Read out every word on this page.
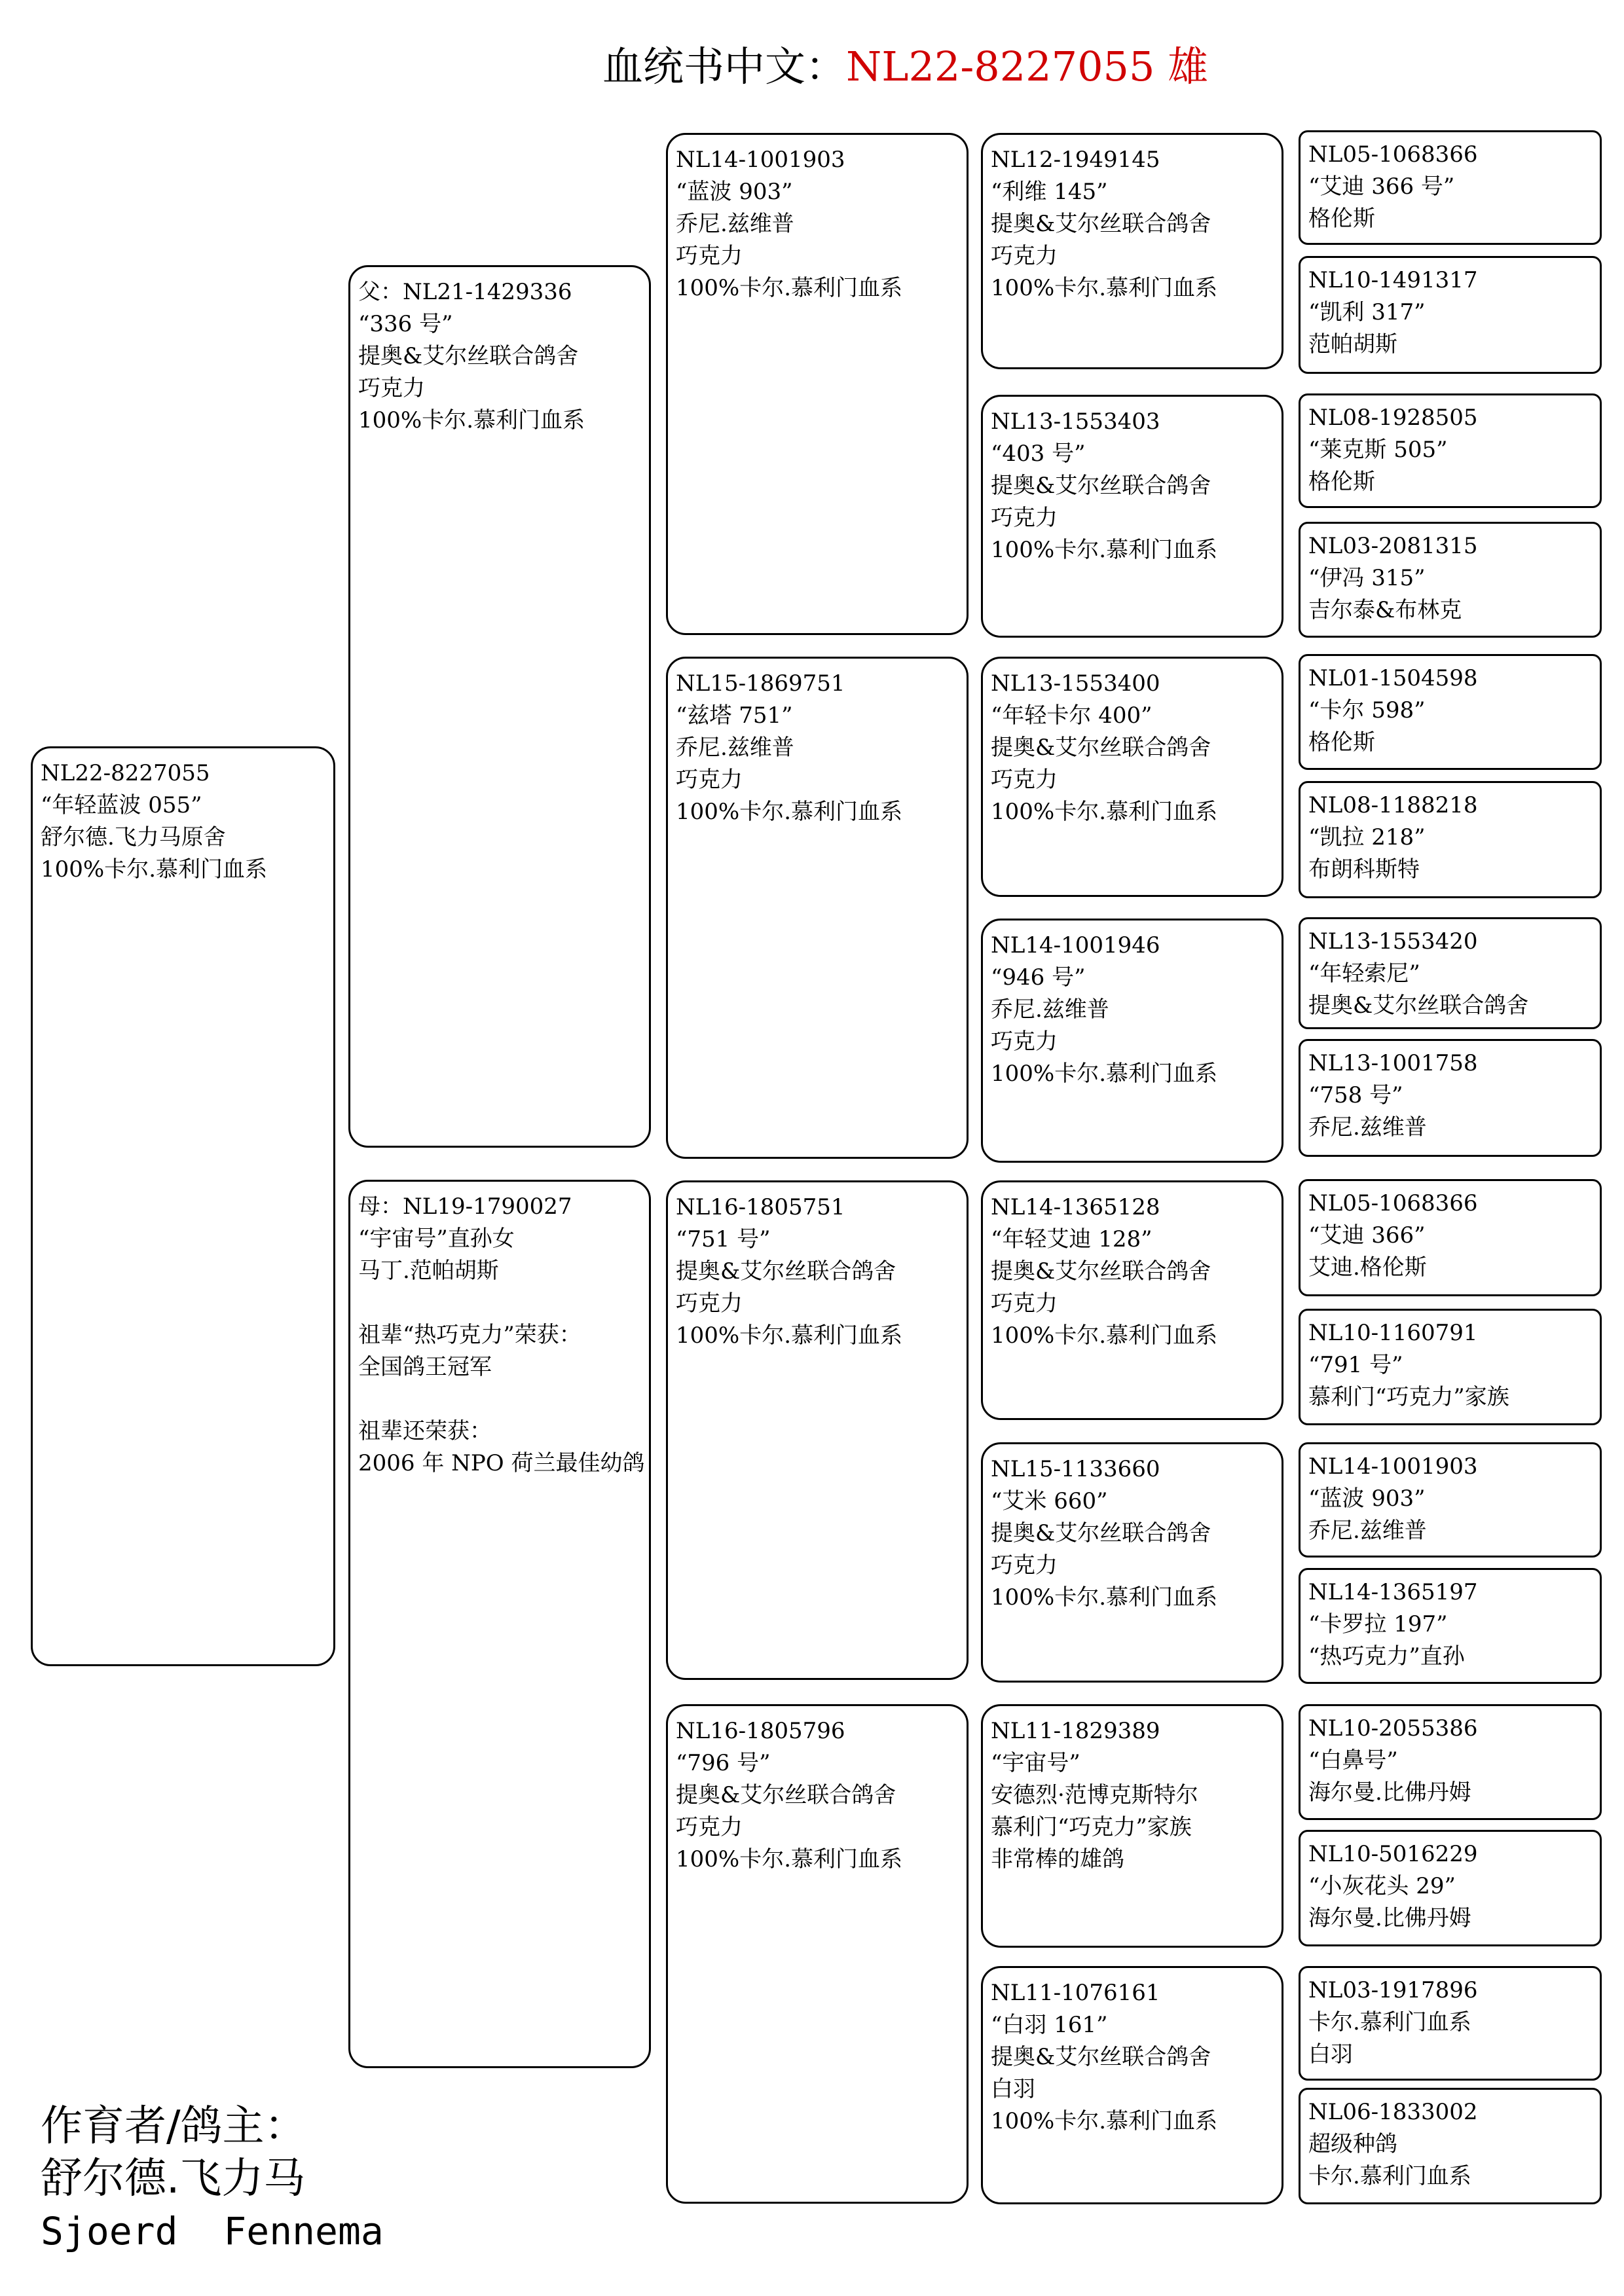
血统书中文：NL22-8227055 雄
NL22-8227055
“年轻蓝波 055”
舒尔德.飞力马原舍
100%卡尔.慕利门血系
父：NL21-1429336
“336 号”
提奥&艾尔丝联合鸽舍
巧克力
100%卡尔.慕利门血系
母：NL19-1790027
“宇宙号”直孙女
马丁.范帕胡斯
祖辈“热巧克力”荣获：
全国鸽王冠军
祖辈还荣获：
2006 年 NPO 荷兰最佳幼鸽
NL14-1001903
“蓝波 903”
乔尼.兹维普
巧克力
100%卡尔.慕利门血系
NL15-1869751
“兹塔 751”
乔尼.兹维普
巧克力
100%卡尔.慕利门血系
NL16-1805751
“751 号”
提奥&艾尔丝联合鸽舍
巧克力
100%卡尔.慕利门血系
NL16-1805796
“796 号”
提奥&艾尔丝联合鸽舍
巧克力
100%卡尔.慕利门血系
NL12-1949145
“利维 145”
提奥&艾尔丝联合鸽舍
巧克力
100%卡尔.慕利门血系
NL13-1553403
“403 号”
提奥&艾尔丝联合鸽舍
巧克力
100%卡尔.慕利门血系
NL13-1553400
“年轻卡尔 400”
提奥&艾尔丝联合鸽舍
巧克力
100%卡尔.慕利门血系
NL14-1001946
“946 号”
乔尼.兹维普
巧克力
100%卡尔.慕利门血系
NL14-1365128
“年轻艾迪 128”
提奥&艾尔丝联合鸽舍
巧克力
100%卡尔.慕利门血系
NL15-1133660
“艾米 660”
提奥&艾尔丝联合鸽舍
巧克力
100%卡尔.慕利门血系
NL11-1829389
“宇宙号”
安德烈·范博克斯特尔
慕利门“巧克力”家族
非常棒的雄鸽
NL11-1076161
“白羽 161”
提奥&艾尔丝联合鸽舍
白羽
100%卡尔.慕利门血系
NL05-1068366
“艾迪 366 号”
格伦斯
NL10-1491317
“凯利 317”
范帕胡斯
NL08-1928505
“莱克斯 505”
格伦斯
NL03-2081315
“伊冯 315”
吉尔泰&布林克
NL01-1504598
“卡尔 598”
格伦斯
NL08-1188218
“凯拉 218”
布朗科斯特
NL13-1553420
“年轻索尼”
提奥&艾尔丝联合鸽舍
NL13-1001758
“758 号”
乔尼.兹维普
NL05-1068366
“艾迪 366”
艾迪.格伦斯
NL10-1160791
“791 号”
慕利门“巧克力”家族
NL14-1001903
“蓝波 903”
乔尼.兹维普
NL14-1365197
“卡罗拉 197”
“热巧克力”直孙
NL10-2055386
“白鼻号”
海尔曼.比佛丹姆
NL10-5016229
“小灰花头 29”
海尔曼.比佛丹姆
NL03-1917896
卡尔.慕利门血系
白羽
NL06-1833002
超级种鸽
卡尔.慕利门血系
作育者/鸽主：
舒尔德.飞力马
Sjoerd  Fennema
